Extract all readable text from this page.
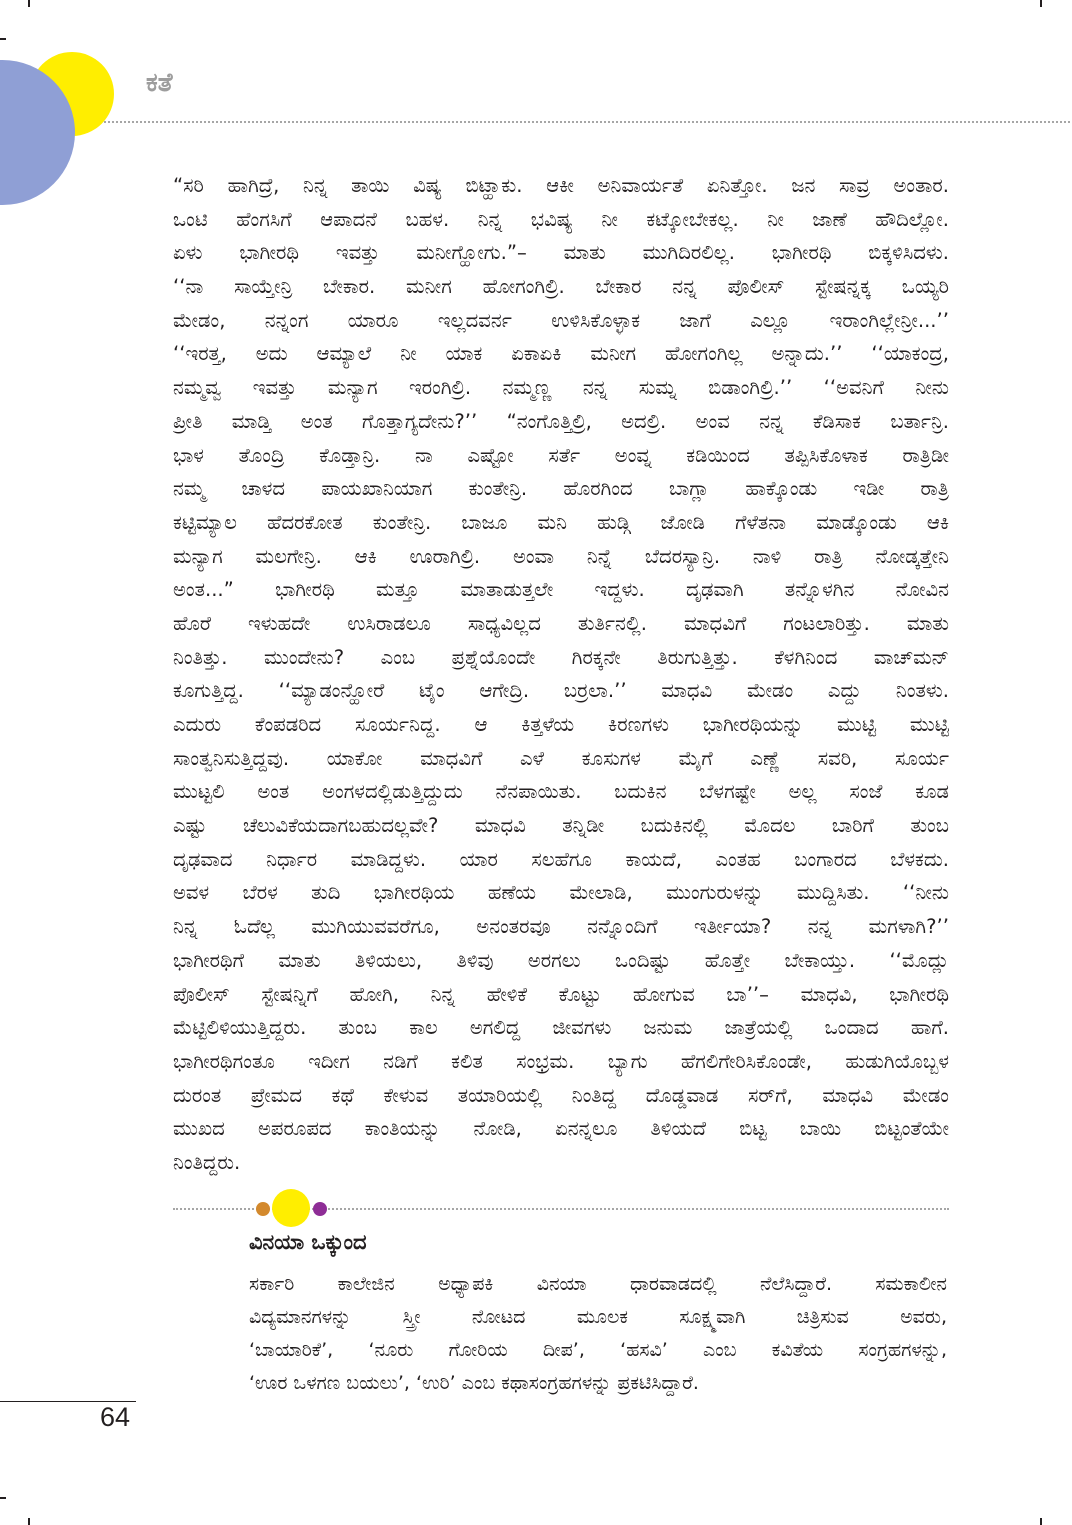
ಕತೆ
“ಸರಿ ಹಾಗಿದ್ರೆ, ನಿನ್ನ ತಾಯಿ ವಿಷ್ಯ ಬಿಟ್ಹಾಕು. ಆಕೀ ಅನಿವಾರ್ಯತೆ ಏನಿತ್ತೋ. ಜನ ಸಾವ್ರ ಅಂತಾರ.
ಒಂಟಿ ಹೆಂಗಸಿಗೆ ಆಪಾದನೆ ಬಹಳ. ನಿನ್ನ ಭವಿಷ್ಯ ನೀ ಕಟ್ಕೋಬೇಕಲ್ಲ. ನೀ ಜಾಣೆ ಹೌದಿಲ್ಲೋ.
ಏಳು ಭಾಗೀರಥಿ ಇವತ್ತು ಮನೀಗ್ಹೋಗು.”– ಮಾತು ಮುಗಿದಿರಲಿಲ್ಲ. ಭಾಗೀರಥಿ ಬಿಕ್ಕಳಿಸಿದಳು.
‘‘ನಾ ಸಾಯ್ತೇನ್ರಿ ಬೇಕಾರ. ಮನೀಗ ಹೋಗಂಗಿಲ್ರಿ. ಬೇಕಾರ ನನ್ನ ಪೊಲೀಸ್ ಸ್ಟೇಷನ್ನಕ್ಕ ಒಯ್ಯರಿ
ಮೇಡಂ, ನನ್ನಂಗ ಯಾರೂ ಇಲ್ಲದವರ್ನ ಉಳಿಸಿಕೊಳ್ಳಾಕ ಜಾಗೆ ಎಲ್ಲೂ ಇರಾಂಗಿಲ್ಲೇನ್ರೀ...’’
‘‘ಇರತ್ತ, ಅದು ಆಮ್ಯಾಲೆ ನೀ ಯಾಕ ಏಕಾಏಕಿ ಮನೀಗ ಹೋಗಂಗಿಲ್ಲ ಅನ್ನಾದು.’’ ‘‘ಯಾಕಂದ್ರ,
ನಮ್ಮವ್ವ ಇವತ್ತು ಮನ್ಯಾಗ ಇರಂಗಿಲ್ರಿ. ನಮ್ಮಣ್ಣ ನನ್ನ ಸುಮ್ನ ಬಿಡಾಂಗಿಲ್ರಿ.’’ ‘‘ಅವನಿಗೆ ನೀನು
ಪ್ರೀತಿ ಮಾಡ್ತಿ ಅಂತ ಗೊತ್ತಾಗ್ಯದೇನು?’’ “ನಂಗೊತ್ತಿಲ್ರಿ, ಅದಲ್ರಿ. ಅಂವ ನನ್ನ ಕೆಡಿಸಾಕ ಬರ್ತಾನ್ರಿ.
ಭಾಳ ತೊಂದ್ರಿ ಕೊಡ್ತಾನ್ರಿ. ನಾ ಎಷ್ಟೋ ಸರ್ತೆ ಅಂವ್ನ ಕಡಿಯಿಂದ ತಪ್ಪಿಸಿಕೊಳಾಕ ರಾತ್ರಿಡೀ
ನಮ್ಮ ಚಾಳದ ಪಾಯಖಾನಿಯಾಗ ಕುಂತೇನ್ರಿ. ಹೊರಗಿಂದ ಬಾಗ್ಲಾ ಹಾಕ್ಕೊಂಡು ಇಡೀ ರಾತ್ರಿ
ಕಟ್ಟಿಮ್ಯಾಲ ಹೆದರಕೋತ ಕುಂತೇನ್ರಿ. ಬಾಜೂ ಮನಿ ಹುಡ್ಗಿ ಜೋಡಿ ಗೆಳೆತನಾ ಮಾಡ್ಕೊಂಡು ಆಕಿ
ಮನ್ಯಾಗ ಮಲಗೇನ್ರಿ. ಆಕಿ ಊರಾಗಿಲ್ರಿ. ಅಂವಾ ನಿನ್ನೆ ಬೆದರಸ್ಯಾನ್ರಿ. ನಾಳಿ ರಾತ್ರಿ ನೋಡ್ಕತ್ತೇನಿ
ಅಂತ...” ಭಾಗೀರಥಿ ಮತ್ತೂ ಮಾತಾಡುತ್ತಲೇ ಇದ್ದಳು. ದೃಢವಾಗಿ ತನ್ನೊಳಗಿನ ನೋವಿನ
ಹೊರೆ ಇಳುಹದೇ ಉಸಿರಾಡಲೂ ಸಾಧ್ಯವಿಲ್ಲದ ತುರ್ತಿನಲ್ಲಿ. ಮಾಧವಿಗೆ ಗಂಟಲಾರಿತ್ತು. ಮಾತು
ನಿಂತಿತ್ತು. ಮುಂದೇನು? ಎಂಬ ಪ್ರಶ್ನೆಯೊಂದೇ ಗಿರಕ್ಕನೇ ತಿರುಗುತ್ತಿತ್ತು. ಕೆಳಗಿನಿಂದ ವಾಚ್‌ಮನ್
ಕೂಗುತ್ತಿದ್ದ. ‘‘ಮ್ಯಾಡಂನ್ಹೋರೆ ಟೈಂ ಆಗೇದ್ರಿ. ಬರ್ರಲಾ.’’ ಮಾಧವಿ ಮೇಡಂ ಎದ್ದು ನಿಂತಳು.
ಎದುರು ಕೆಂಪಡರಿದ ಸೂರ್ಯನಿದ್ದ. ಆ ಕಿತ್ತಳೆಯ ಕಿರಣಗಳು ಭಾಗೀರಥಿಯನ್ನು ಮುಟ್ಟಿ ಮುಟ್ಟಿ
ಸಾಂತ್ವನಿಸುತ್ತಿದ್ದವು. ಯಾಕೋ ಮಾಧವಿಗೆ ಎಳೆ ಕೂಸುಗಳ ಮೈಗೆ ಎಣ್ಣೆ ಸವರಿ, ಸೂರ್ಯ
ಮುಟ್ಟಲಿ ಅಂತ ಅಂಗಳದಲ್ಲಿಡುತ್ತಿದ್ದುದು ನೆನಪಾಯಿತು. ಬದುಕಿನ ಬೆಳಗಷ್ಟೇ ಅಲ್ಲ ಸಂಜೆ ಕೂಡ
ಎಷ್ಟು ಚೆಲುವಿಕೆಯದಾಗಬಹುದಲ್ಲವೇ? ಮಾಧವಿ ತನ್ನಿಡೀ ಬದುಕಿನಲ್ಲಿ ಮೊದಲ ಬಾರಿಗೆ ತುಂಬ
ದೃಢವಾದ ನಿರ್ಧಾರ ಮಾಡಿದ್ದಳು. ಯಾರ ಸಲಹೆಗೂ ಕಾಯದೆ, ಎಂತಹ ಬಂಗಾರದ ಬೆಳಕದು.
ಅವಳ ಬೆರಳ ತುದಿ ಭಾಗೀರಥಿಯ ಹಣೆಯ ಮೇಲಾಡಿ, ಮುಂಗುರುಳನ್ನು ಮುದ್ದಿಸಿತು. ‘‘ನೀನು
ನಿನ್ನ ಓದೆಲ್ಲ ಮುಗಿಯುವವರೆಗೂ, ಅನಂತರವೂ ನನ್ನೊಂದಿಗೆ ಇರ್ತೀಯಾ? ನನ್ನ ಮಗಳಾಗಿ?’’
ಭಾಗೀರಥಿಗೆ ಮಾತು ತಿಳಿಯಲು, ತಿಳಿವು ಅರಗಲು ಒಂದಿಷ್ಟು ಹೊತ್ತೇ ಬೇಕಾಯ್ತು. ‘‘ಮೊದ್ಲು
ಪೊಲೀಸ್ ಸ್ಟೇಷನ್ನಿಗೆ ಹೋಗಿ, ನಿನ್ನ ಹೇಳಿಕೆ ಕೊಟ್ಟು ಹೋಗುವ ಬಾ’’– ಮಾಧವಿ, ಭಾಗೀರಥಿ
ಮೆಟ್ಟಿಲಿಳಿಯುತ್ತಿದ್ದರು. ತುಂಬ ಕಾಲ ಅಗಲಿದ್ದ ಜೀವಗಳು ಜನುಮ ಜಾತ್ರೆಯಲ್ಲಿ ಒಂದಾದ ಹಾಗೆ.
ಭಾಗೀರಥಿಗಂತೂ ಇದೀಗ ನಡಿಗೆ ಕಲಿತ ಸಂಭ್ರಮ. ಬ್ಯಾಗು ಹೆಗಲಿಗೇರಿಸಿಕೊಂಡೇ, ಹುಡುಗಿಯೊಬ್ಬಳ
ದುರಂತ ಪ್ರೇಮದ ಕಥೆ ಕೇಳುವ ತಯಾರಿಯಲ್ಲಿ ನಿಂತಿದ್ದ ದೊಡ್ಡವಾಡ ಸರ್‌ಗೆ, ಮಾಧವಿ ಮೇಡಂ
ಮುಖದ ಅಪರೂಪದ ಕಾಂತಿಯನ್ನು ನೋಡಿ, ಏನನ್ನಲೂ ತಿಳಿಯದೆ ಬಿಟ್ಟ ಬಾಯಿ ಬಿಟ್ಟಂತೆಯೇ
ನಿಂತಿದ್ದರು.
ವಿನಯಾ ಒಕ್ಕುಂದ
ಸರ್ಕಾರಿ ಕಾಲೇಜಿನ ಅಧ್ಯಾಪಕಿ ವಿನಯಾ ಧಾರವಾಡದಲ್ಲಿ ನೆಲೆಸಿದ್ದಾರೆ. ಸಮಕಾಲೀನ
ವಿದ್ಯಮಾನಗಳನ್ನು ಸ್ತ್ರೀ ನೋಟದ ಮೂಲಕ ಸೂಕ್ಷ್ಮವಾಗಿ ಚಿತ್ರಿಸುವ ಅವರು,
‘ಬಾಯಾರಿಕೆ’, ‘ನೂರು ಗೋರಿಯ ದೀಪ’, ‘ಹಸವಿ’ ಎಂಬ ಕವಿತೆಯ ಸಂಗ್ರಹಗಳನ್ನು,
‘ಊರ ಒಳಗಣ ಬಯಲು’, ‘ಉರಿ’ ಎಂಬ ಕಥಾಸಂಗ್ರಹಗಳನ್ನು ಪ್ರಕಟಿಸಿದ್ದಾರೆ.
64
